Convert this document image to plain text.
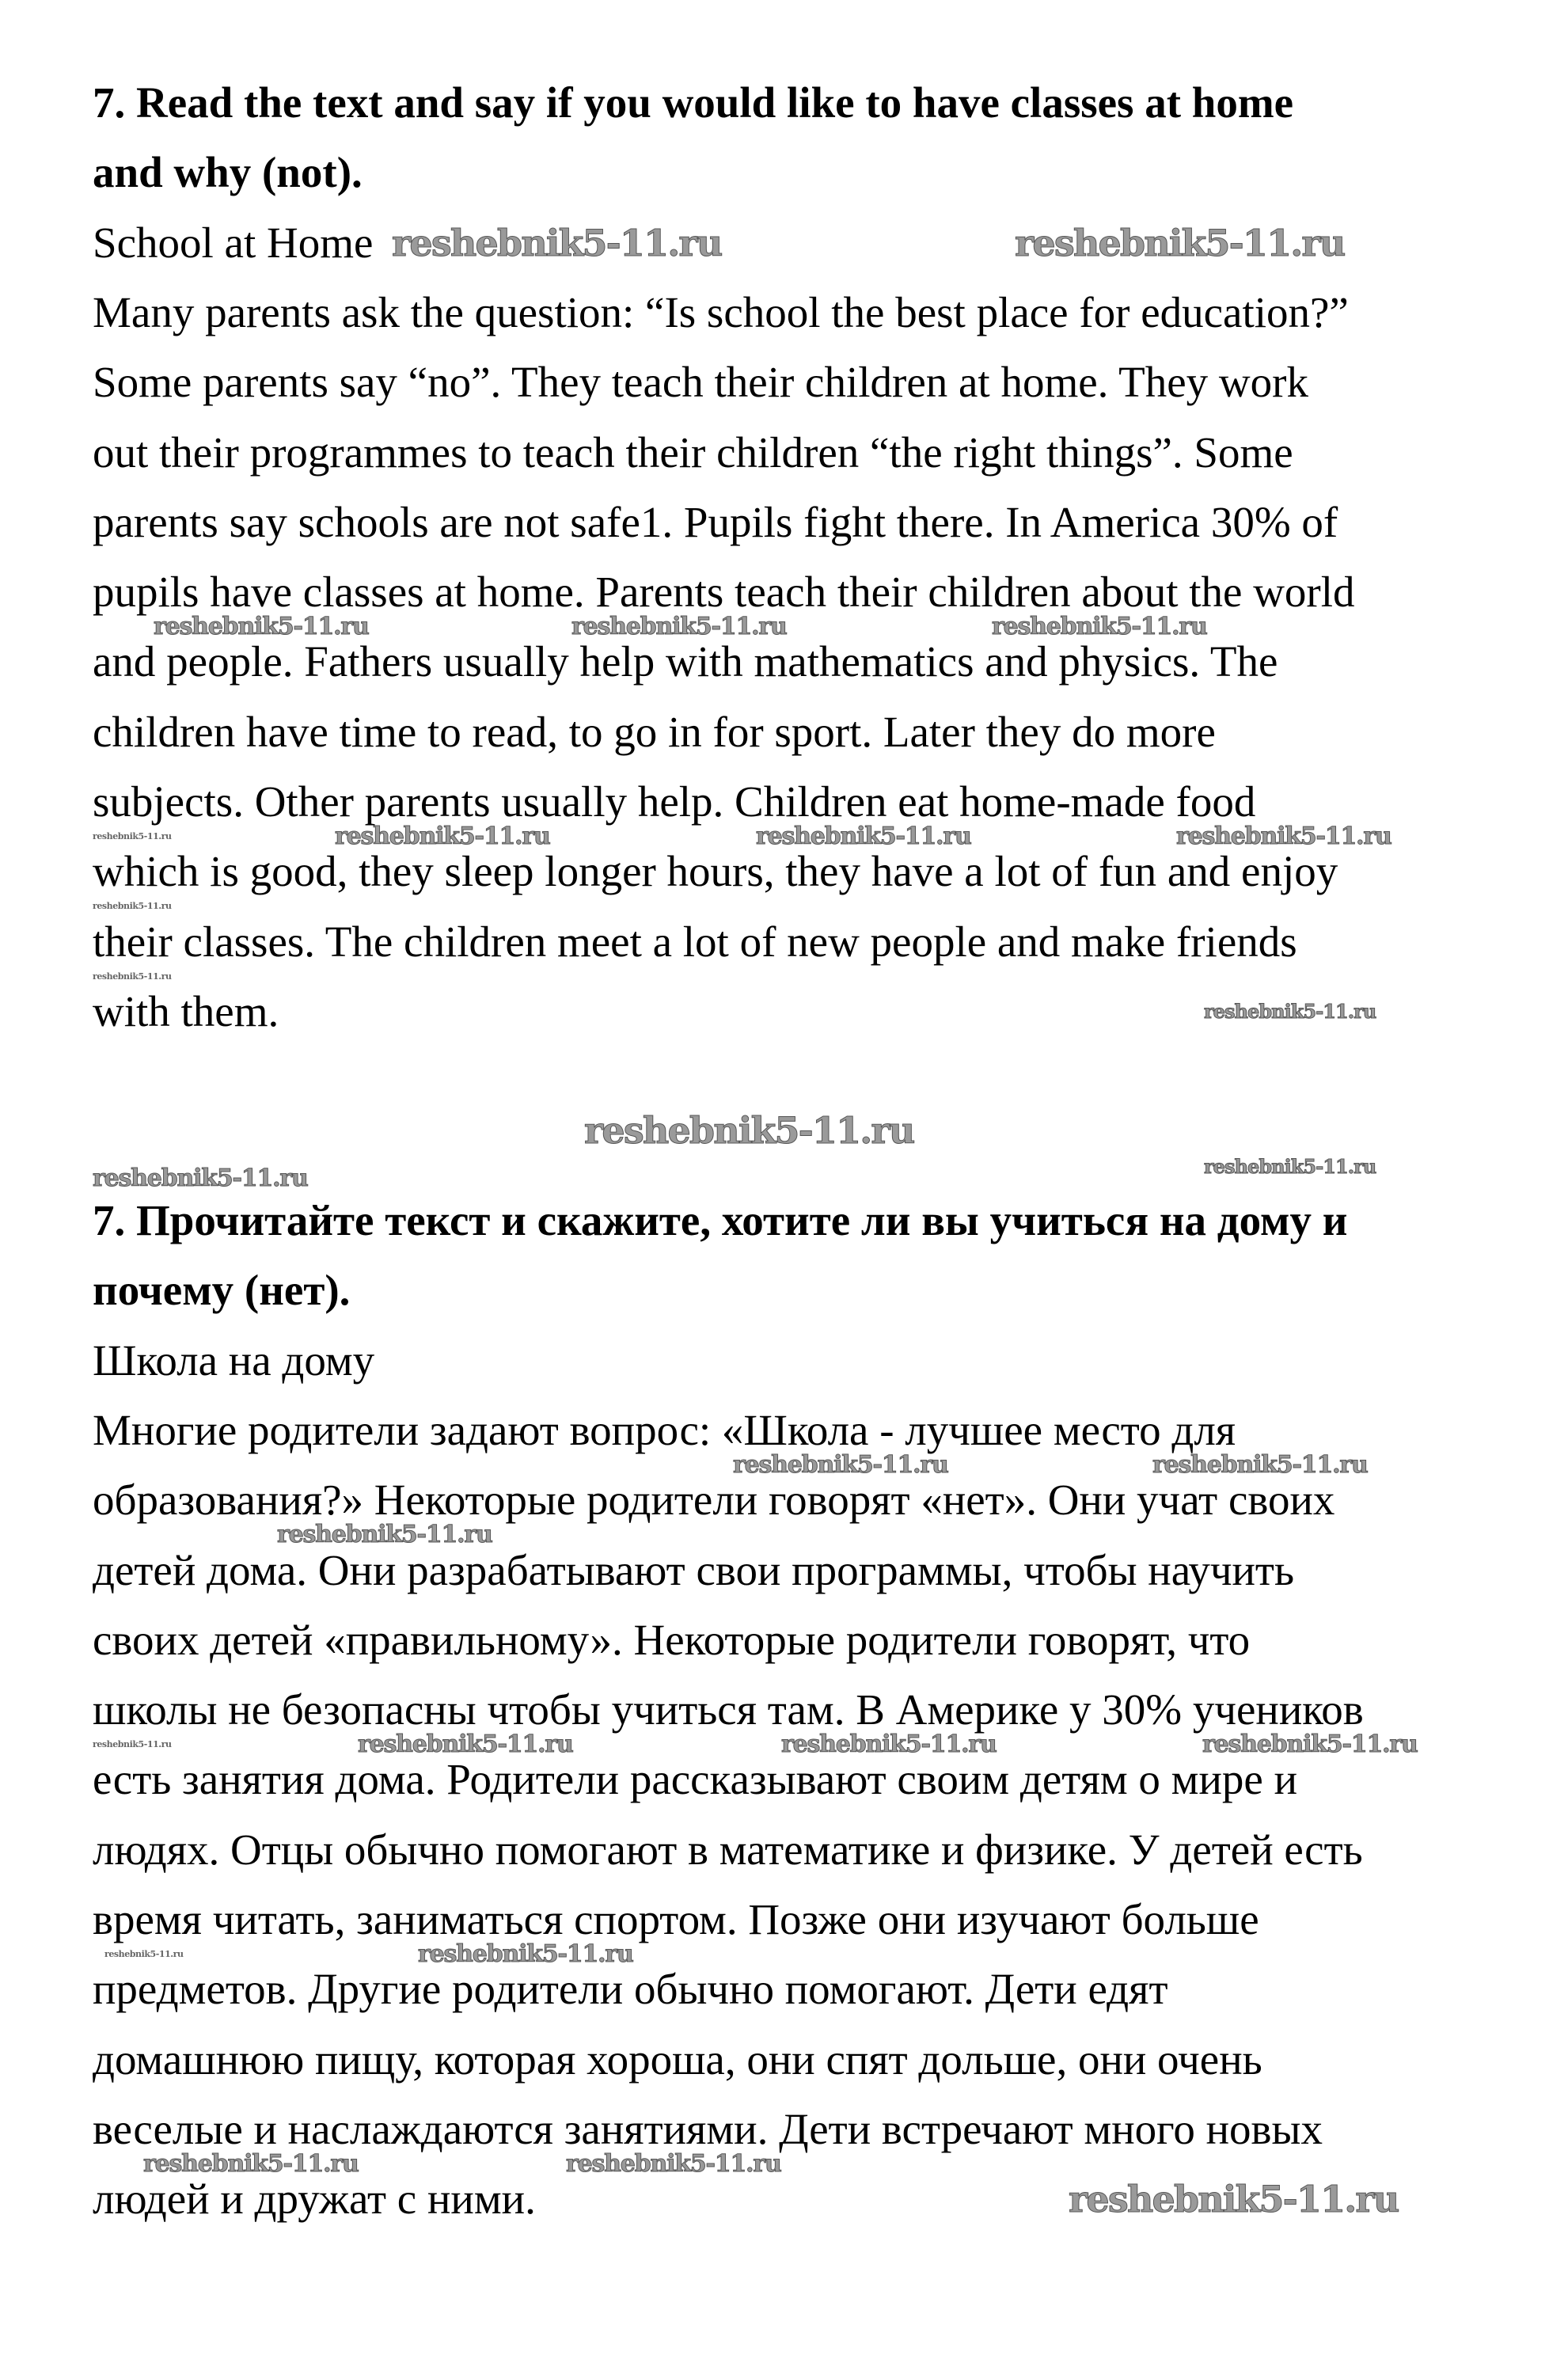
7. Read the text and say if you would like to have classes at home
and why (not).
School at Home
Many parents ask the question: “Is school the best place for education?”
Some parents say “no”. They teach their children at home. They work
out their programmes to teach their children “the right things”. Some
parents say schools are not safe1. Pupils fight there. In America 30% of
pupils have classes at home. Parents teach their children about the world
and people. Fathers usually help with mathematics and physics. The
children have time to read, to go in for sport. Later they do more
subjects. Other parents usually help. Children eat home-made food
which is good, they sleep longer hours, they have a lot of fun and enjoy
their classes. The children meet a lot of new people and make friends
with them.
7. Прочитайте текст и скажите, хотите ли вы учиться на дому и
почему (нет).
Школа на дому
Многие родители задают вопрос: «Школа - лучшее место для
образования?» Некоторые родители говорят «нет». Они учат своих
детей дома. Они разрабатывают свои программы, чтобы научить
своих детей «правильному». Некоторые родители говорят, что
школы не безопасны чтобы учиться там. В Америке у 30% учеников
есть занятия дома. Родители рассказывают своим детям о мире и
людях. Отцы обычно помогают в математике и физике. У детей есть
время читать, заниматься спортом. Позже они изучают больше
предметов. Другие родители обычно помогают. Дети едят
домашнюю пищу, которая хороша, они спят дольше, они очень
веселые и наслаждаются занятиями. Дети встречают много новых
людей и дружат с ними.
reshebnik5-11.ru	reshebnik5-11.ru
reshebnik5-11.ru
reshebnik5-11.ru
reshebnik5-11.ru	reshebnik5-11.ru	reshebnik5-11.ru
reshebnik5-11.ru	reshebnik5-11.ru	reshebnik5-11.ru
reshebnik5-11.ru
reshebnik5-11.ru
reshebnik5-11.ru
reshebnik5-11.ru	reshebnik5-11.ru
reshebnik5-11.ru
reshebnik5-11.ru	reshebnik5-11.ru	reshebnik5-11.ru
reshebnik5-11.ru
reshebnik5-11.ru	reshebnik5-11.ru
reshebnik5-11.ru
reshebnik5-11.ru
reshebnik5-11.ru
reshebnik5-11.ru
reshebnik5-11.ru
